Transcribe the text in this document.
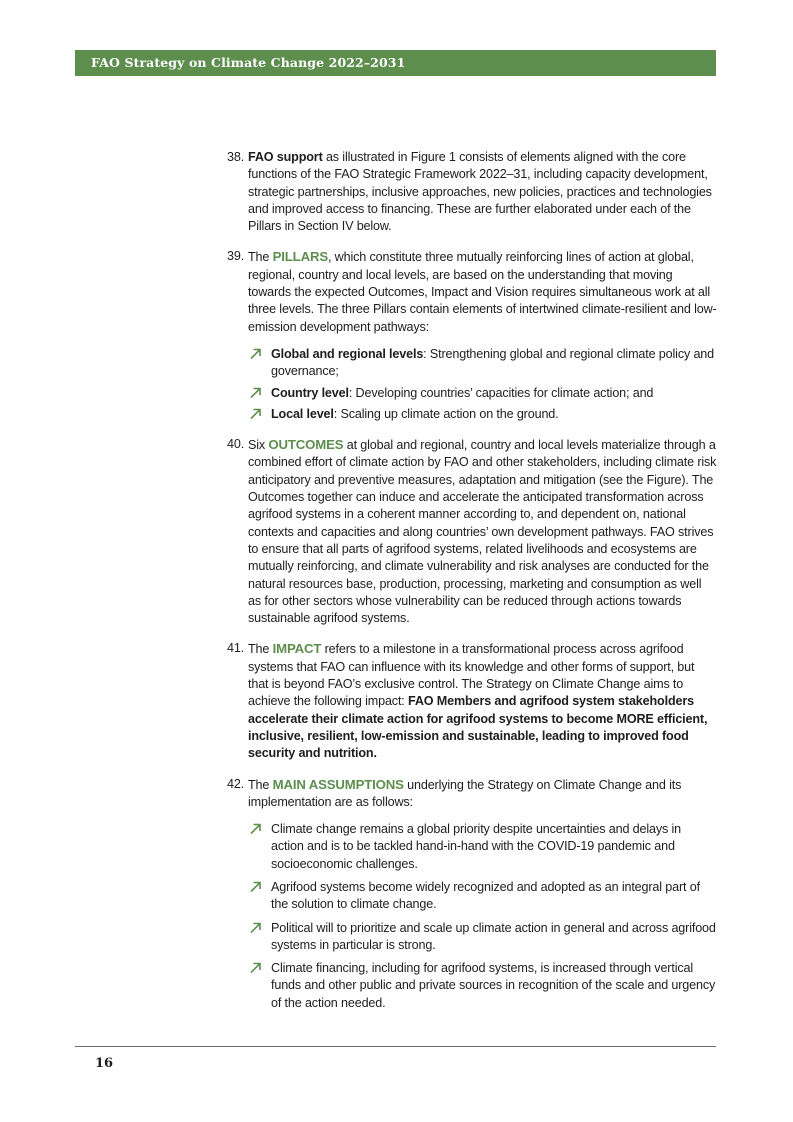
FAO Strategy on Climate Change 2022–2031
38. FAO support as illustrated in Figure 1 consists of elements aligned with the core functions of the FAO Strategic Framework 2022–31, including capacity development, strategic partnerships, inclusive approaches, new policies, practices and technologies and improved access to financing. These are further elaborated under each of the Pillars in Section IV below.
39. The PILLARS, which constitute three mutually reinforcing lines of action at global, regional, country and local levels, are based on the understanding that moving towards the expected Outcomes, Impact and Vision requires simultaneous work at all three levels. The three Pillars contain elements of intertwined climate-resilient and low-emission development pathways:
Global and regional levels: Strengthening global and regional climate policy and governance;
Country level: Developing countries’ capacities for climate action; and
Local level: Scaling up climate action on the ground.
40. Six OUTCOMES at global and regional, country and local levels materialize through a combined effort of climate action by FAO and other stakeholders, including climate risk anticipatory and preventive measures, adaptation and mitigation (see the Figure). The Outcomes together can induce and accelerate the anticipated transformation across agrifood systems in a coherent manner according to, and dependent on, national contexts and capacities and along countries’ own development pathways. FAO strives to ensure that all parts of agrifood systems, related livelihoods and ecosystems are mutually reinforcing, and climate vulnerability and risk analyses are conducted for the natural resources base, production, processing, marketing and consumption as well as for other sectors whose vulnerability can be reduced through actions towards sustainable agrifood systems.
41. The IMPACT refers to a milestone in a transformational process across agrifood systems that FAO can influence with its knowledge and other forms of support, but that is beyond FAO’s exclusive control. The Strategy on Climate Change aims to achieve the following impact: FAO Members and agrifood system stakeholders accelerate their climate action for agrifood systems to become MORE efficient, inclusive, resilient, low-emission and sustainable, leading to improved food security and nutrition.
42. The MAIN ASSUMPTIONS underlying the Strategy on Climate Change and its implementation are as follows:
Climate change remains a global priority despite uncertainties and delays in action and is to be tackled hand-in-hand with the COVID-19 pandemic and socioeconomic challenges.
Agrifood systems become widely recognized and adopted as an integral part of the solution to climate change.
Political will to prioritize and scale up climate action in general and across agrifood systems in particular is strong.
Climate financing, including for agrifood systems, is increased through vertical funds and other public and private sources in recognition of the scale and urgency of the action needed.
16
